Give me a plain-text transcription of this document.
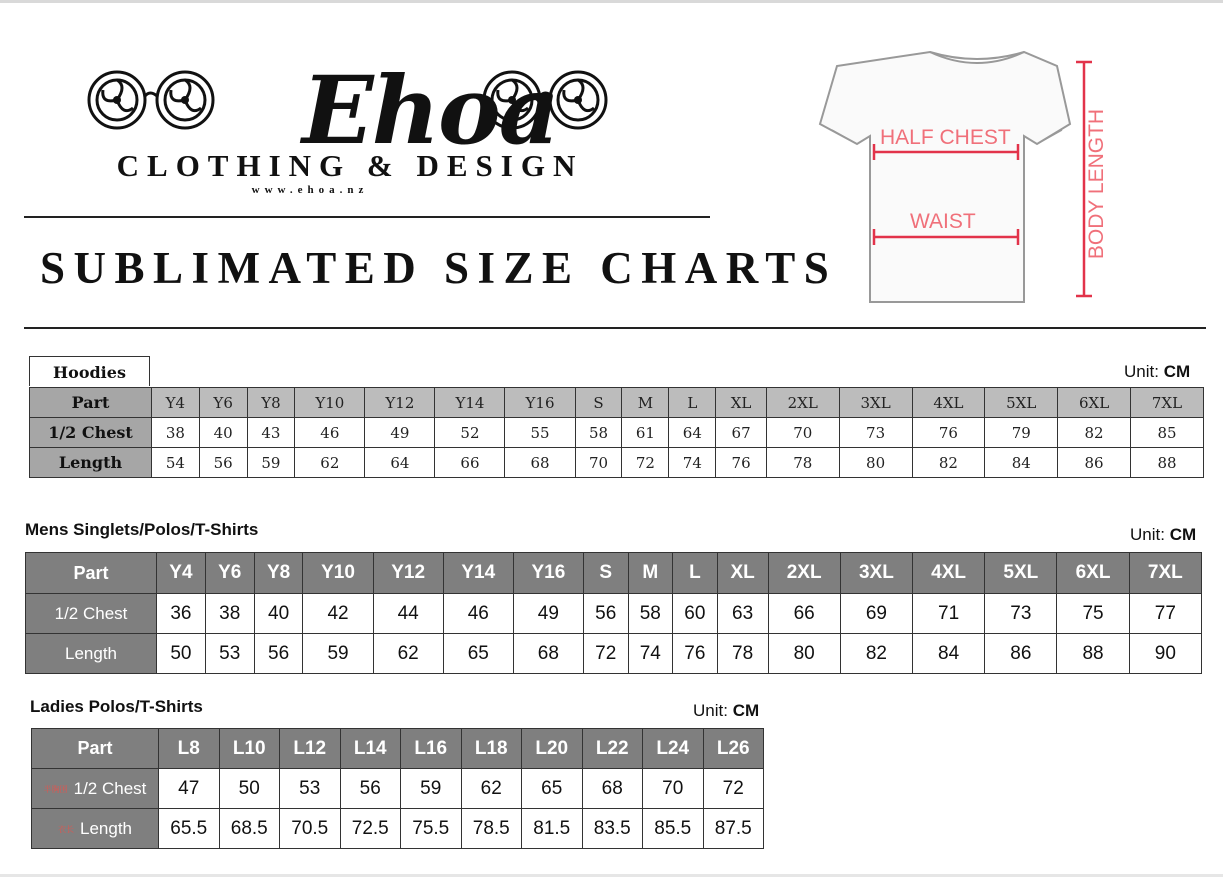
Ehoa
CLOTHING & DESIGN
www.ehoa.nz
SUBLIMATED SIZE CHARTS
HALF CHEST
WAIST	BODY LENGTH
Hoodies	Unit: CM
Part	Y4	Y6	Y8	Y10	Y12	Y14	Y16	S	M	L	XL	2XL	3XL	4XL	5XL	6XL	7XL
1/2 Chest	38	40	43	46	49	52	55	58	61	64	67	70	73	76	79	82	85
Length	54	56	59	62	64	66	68	70	72	74	76	78	80	82	84	86	88
Mens Singlets/Polos/T-Shirts	Unit: CM
Part	Y4	Y6	Y8	Y10	Y12	Y14	Y16	S	M	L	XL	2XL	3XL	4XL	5XL	6XL	7XL
1/2 Chest	36	38	40	42	44	46	49	56	58	60	63	66	69	71	73	75	77
Length	50	53	56	59	62	65	68	72	74	76	78	80	82	84	86	88	90
Ladies Polos/T-Shirts	Unit: CM
Part	L8	L10	L12	L14	L16	L18	L20	L22	L24	L26
半胸围 1/2 Chest	47	50	53	56	59	62	65	68	70	72
衣长 Length	65.5	68.5	70.5	72.5	75.5	78.5	81.5	83.5	85.5	87.5
